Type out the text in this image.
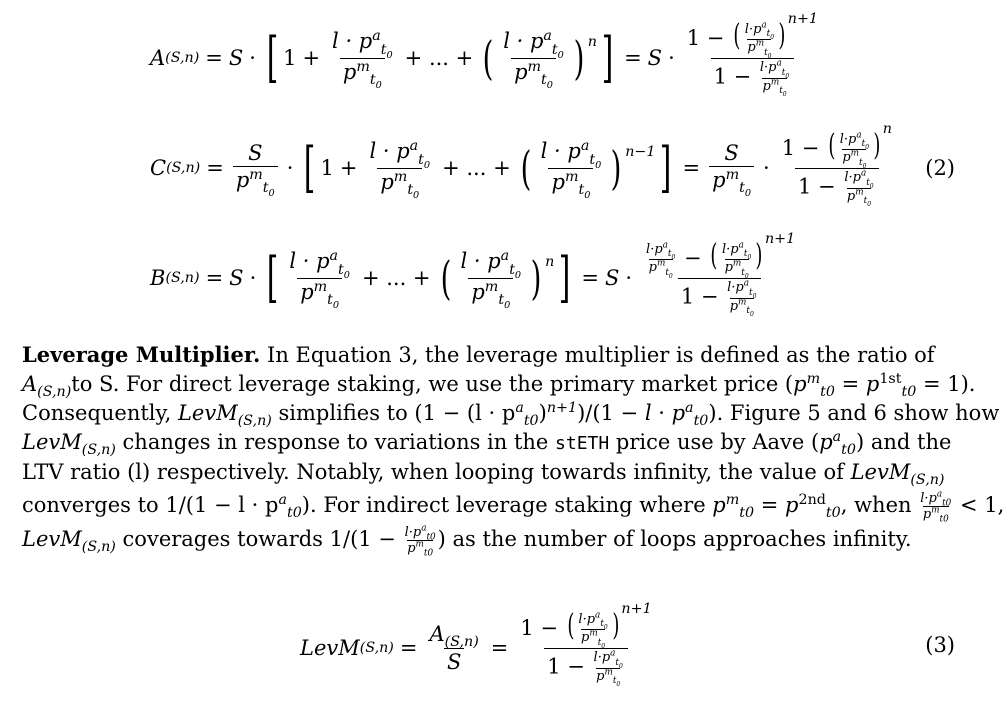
A (S,n) = S · [ $1 + \frac{l \cdot p^a_{t_0}}{p^m_{t_0}}$ + ... + ( $\frac{l \cdot p^a_{t_0}}{p^m_{t_0}}$ ) $^n$ ] = $S \cdot \frac{1 - ( \frac{l\cdot p^a_{t_0}}{p^m_{t_0}} ) ^{n+1}}{1 - \frac{l\cdot p^a_{t_0}}{p^m_{t_0}}}$
C $(S,n) = \frac{S}{p^m_{t_0}}$ · [ $1 + \frac{l \cdot p^a_{t_0}}{p^m_{t_0}}$ + ... + ( $\frac{l \cdot p^a_{t_0}}{p^m_{t_0}}$ ) $^{n-1}$ ] = $\frac{S}{p^m_{t_0}} \cdot \frac{1 - ( \frac{l\cdot p^a_{t_0}}{p^m_{t_0}} ) ^n}{1 - \frac{l\cdot p^a_{t_0}}{p^m_{t_0}}} (2)$
B (S,n) = S · [ $\frac{l \cdot p^a_{t_0}}{p^m_{t_0}}$ + ... + ( $\frac{l \cdot p^a_{t_0}}{p^m_{t_0}}$ ) $^n$ ] = $S \cdot \frac{\frac{l\cdot p^a_{t_0}}{p^m_{t_0}} - ( \frac{l\cdot p^a_{t_0}}{p^m_{t_0}} ) ^{n+1}}{1 - \frac{l\cdot p^a_{t_0}}{p^m_{t_0}}}$
Leverage Multiplier. In Equation 3, the leverage multiplier is defined as the ratio of
$A_{(S,n)}to$ S. For direct leverage staking, we use the primary market price $(p^m_{t0} = p^{1st}_{t0} = 1)$.
Consequently, LevM$_{(S,n)}$ simplifies to $(1 - (l \cdot p^a_{t0})^{n+1})/(1 - l \cdot p^a_{t0})$. Figure 5 and 6 show how
LevM$_{(S,n)}$ changes in response to variations in the stETH price use by Aave $(p^a_{t0})$ and the
LTV ratio (l) respectively. Notably, when looping towards infinity, the value of LevM$_{(S,n)}$
converges to $1/(1 - l \cdot p^a_{t0})$. For indirect leverage staking where $p^m_{t0} = p^{2nd}_{t0}$, when $\frac{l\cdot p^a_{t0}}{p^m_{t0}} < 1$,
LevM$_{(S,n)}$ coverages towards $1/(1 - \frac{l\cdot p^a_{t0}}{p^m_{t0}}$ ) as the number of loops approaches infinity.
LevM $(S,n) = \frac{A_{(S,n)}}{S} = \frac{1 - ( \frac{l\cdot p^a_{t_0}}{p^m_{t_0}} ) ^{n+1}}{1 - \frac{l\cdot p^a_{t_0}}{p^m_{t_0}}}$	(3)
